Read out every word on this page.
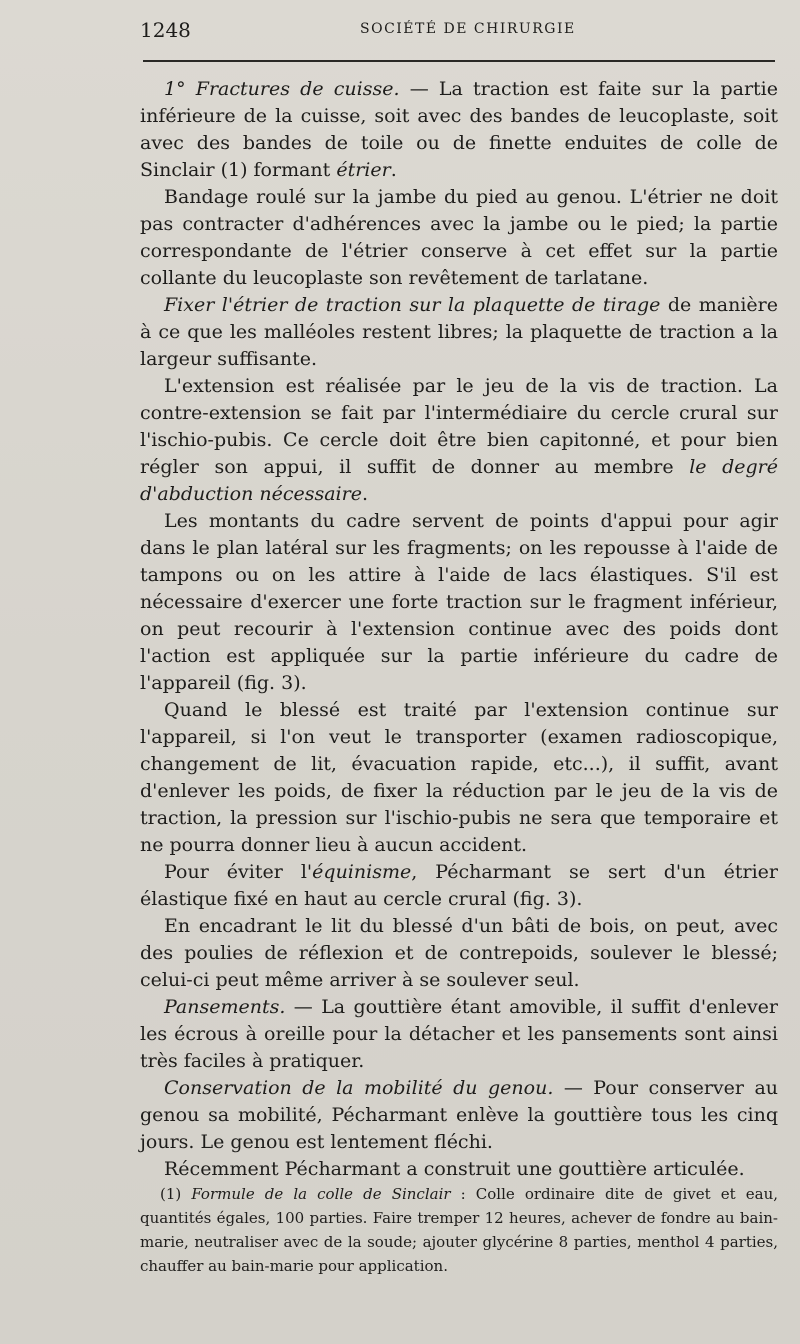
1248	SOCIÉTÉ DE CHIRURGIE

1° Fractures de cuisse. — La traction est faite sur la partie inférieure de la cuisse, soit avec des bandes de leucoplaste, soit avec des bandes de toile ou de finette enduites de colle de Sinclair (1) formant étrier.

Bandage roulé sur la jambe du pied au genou. L'étrier ne doit pas contracter d'adhérences avec la jambe ou le pied; la partie correspondante de l'étrier conserve à cet effet sur la partie collante du leucoplaste son revêtement de tarlatane.

Fixer l'étrier de traction sur la plaquette de tirage de manière à ce que les malléoles restent libres; la plaquette de traction a la largeur suffisante.

L'extension est réalisée par le jeu de la vis de traction. La contre-extension se fait par l'intermédiaire du cercle crural sur l'ischio-pubis. Ce cercle doit être bien capitonné, et pour bien régler son appui, il suffit de donner au membre le degré d'abduction nécessaire.

Les montants du cadre servent de points d'appui pour agir dans le plan latéral sur les fragments; on les repousse à l'aide de tampons ou on les attire à l'aide de lacs élastiques. S'il est nécessaire d'exercer une forte traction sur le fragment inférieur, on peut recourir à l'extension continue avec des poids dont l'action est appliquée sur la partie inférieure du cadre de l'appareil (fig. 3).

Quand le blessé est traité par l'extension continue sur l'appareil, si l'on veut le transporter (examen radioscopique, changement de lit, évacuation rapide, etc...), il suffit, avant d'enlever les poids, de fixer la réduction par le jeu de la vis de traction, la pression sur l'ischio-pubis ne sera que temporaire et ne pourra donner lieu à aucun accident.

Pour éviter l'équinisme, Pécharmant se sert d'un étrier élastique fixé en haut au cercle crural (fig. 3).

En encadrant le lit du blessé d'un bâti de bois, on peut, avec des poulies de réflexion et de contrepoids, soulever le blessé; celui-ci peut même arriver à se soulever seul.

Pansements. — La gouttière étant amovible, il suffit d'enlever les écrous à oreille pour la détacher et les pansements sont ainsi très faciles à pratiquer.

Conservation de la mobilité du genou. — Pour conserver au genou sa mobilité, Pécharmant enlève la gouttière tous les cinq jours. Le genou est lentement fléchi.

Récemment Pécharmant a construit une gouttière articulée.

(1) Formule de la colle de Sinclair : Colle ordinaire dite de givet et eau, quantités égales, 100 parties. Faire tremper 12 heures, achever de fondre au bain-marie, neutraliser avec de la soude; ajouter glycérine 8 parties, menthol 4 parties, chauffer au bain-marie pour application.
